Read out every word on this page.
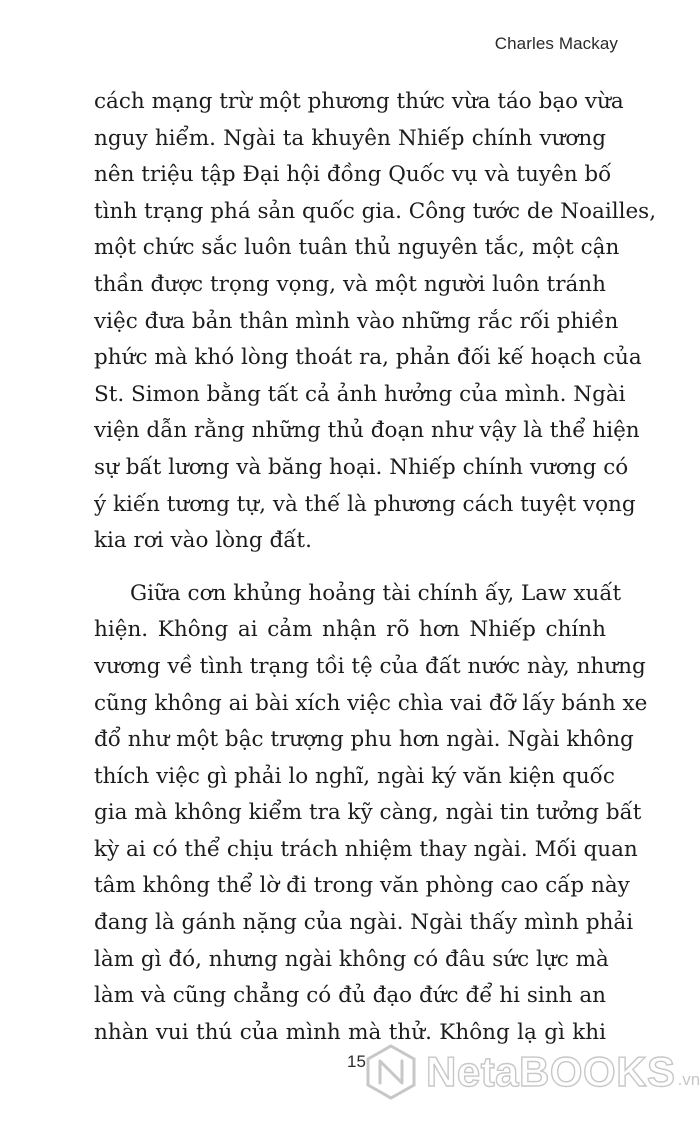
Charles Mackay
cách mạng trừ một phương thức vừa táo bạo vừa
nguy hiểm. Ngài ta khuyên Nhiếp chính vương
nên triệu tập Đại hội đồng Quốc vụ và tuyên bố
tình trạng phá sản quốc gia. Công tước de Noailles,
một chức sắc luôn tuân thủ nguyên tắc, một cận
thần được trọng vọng, và một người luôn tránh
việc đưa bản thân mình vào những rắc rối phiền
phức mà khó lòng thoát ra, phản đối kế hoạch của
St. Simon bằng tất cả ảnh hưởng của mình. Ngài
viện dẫn rằng những thủ đoạn như vậy là thể hiện
sự bất lương và băng hoại. Nhiếp chính vương có
ý kiến tương tự, và thế là phương cách tuyệt vọng
kia rơi vào lòng đất.
Giữa cơn khủng hoảng tài chính ấy, Law xuất
hiện. Không ai cảm nhận rõ hơn Nhiếp chính
vương về tình trạng tồi tệ của đất nước này, nhưng
cũng không ai bài xích việc chìa vai đỡ lấy bánh xe
đổ như một bậc trượng phu hơn ngài. Ngài không
thích việc gì phải lo nghĩ, ngài ký văn kiện quốc
gia mà không kiểm tra kỹ càng, ngài tin tưởng bất
kỳ ai có thể chịu trách nhiệm thay ngài. Mối quan
tâm không thể lờ đi trong văn phòng cao cấp này
đang là gánh nặng của ngài. Ngài thấy mình phải
làm gì đó, nhưng ngài không có đâu sức lực mà
làm và cũng chẳng có đủ đạo đức để hi sinh an
nhàn vui thú của mình mà thử. Không lạ gì khi
15 NetaBOOKS .vn
